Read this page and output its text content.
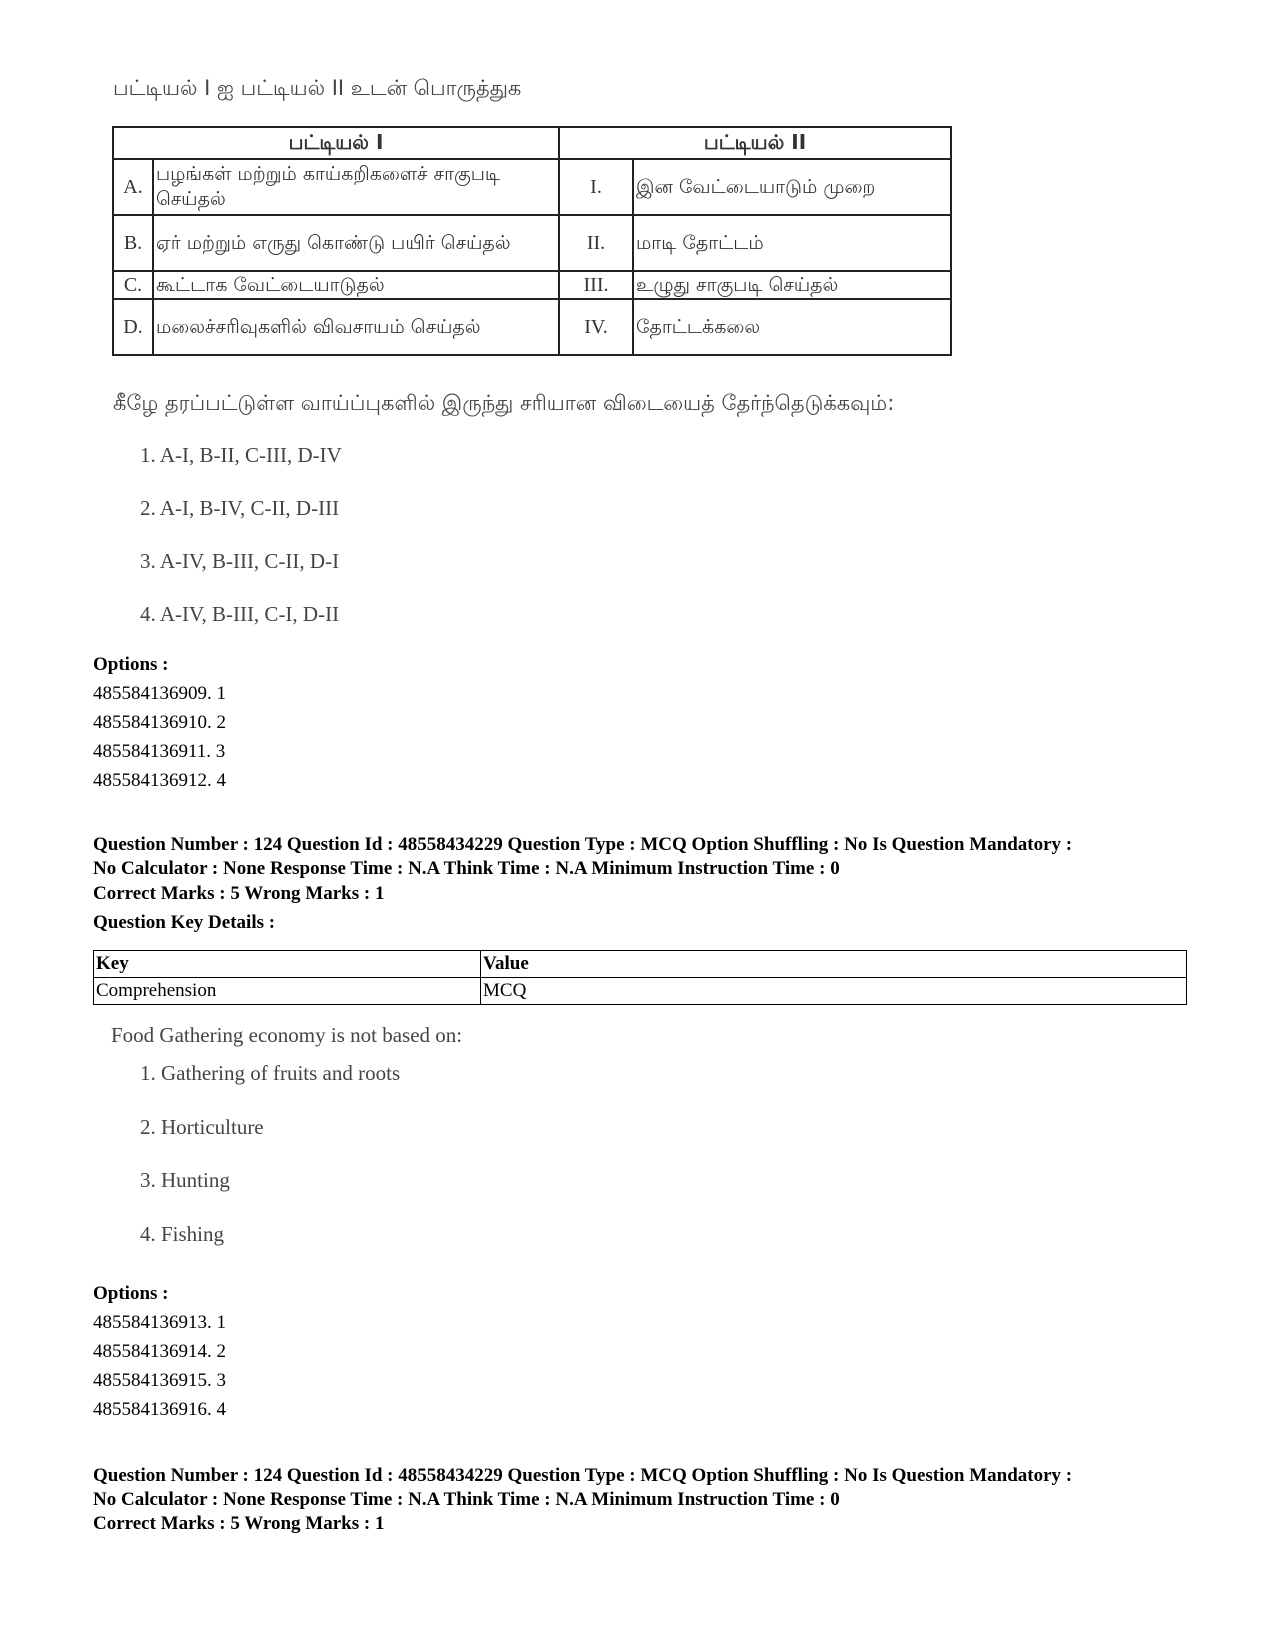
பட்டியல் I ஐ பட்டியல் II உடன் பொருத்துக
பட்டியல் I		பட்டியல் II	
A.	பழங்கள் மற்றும் காய்கறிகளைச் சாகுபடி செய்தல்	I.	இன வேட்டையாடும் முறை
B.	ஏர் மற்றும் எருது கொண்டு பயிர் செய்தல்	II.	மாடி தோட்டம்
C.	கூட்டாக வேட்டையாடுதல்	III.	உழுது சாகுபடி செய்தல்
D.	மலைச்சரிவுகளில் விவசாயம் செய்தல்	IV.	தோட்டக்கலை
கீழே தரப்பட்டுள்ள வாய்ப்புகளில் இருந்து சரியான விடையைத் தேர்ந்தெடுக்கவும்:
1. A-I, B-II, C-III, D-IV
2. A-I, B-IV, C-II, D-III
3. A-IV, B-III, C-II, D-I
4. A-IV, B-III, C-I, D-II
Options :
485584136909. 1
485584136910. 2
485584136911. 3
485584136912. 4
Question Number : 124 Question Id : 48558434229 Question Type : MCQ Option Shuffling : No Is Question Mandatory :
No Calculator : None Response Time : N.A Think Time : N.A Minimum Instruction Time : 0
Correct Marks : 5 Wrong Marks : 1
Question Key Details :
Key	Value
Comprehension	MCQ
Food Gathering economy is not based on:
1. Gathering of fruits and roots
2. Horticulture
3. Hunting
4. Fishing
Options :
485584136913. 1
485584136914. 2
485584136915. 3
485584136916. 4
Question Number : 124 Question Id : 48558434229 Question Type : MCQ Option Shuffling : No Is Question Mandatory :
No Calculator : None Response Time : N.A Think Time : N.A Minimum Instruction Time : 0
Correct Marks : 5 Wrong Marks : 1
